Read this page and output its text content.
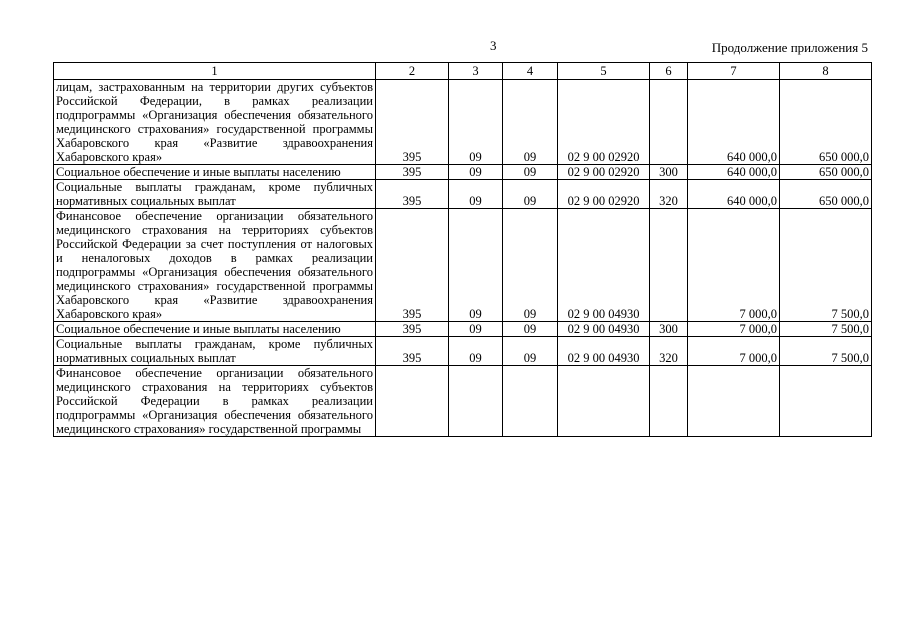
3	Продолжение приложения 5
1	2	3	4	5	6	7	8
лицам, застрахованным на территории других субъектов Российской Федерации, в рамках реализации подпрограммы «Организация обеспечения обязательного медицинского страхования» государственной программы Хабаровского края «Развитие здравоохранения Хабаровского края»	395	09	09	02 9 00 02920		640 000,0	650 000,0
Социальное обеспечение и иные выплаты населению	395	09	09	02 9 00 02920	300	640 000,0	650 000,0
Социальные выплаты гражданам, кроме публичных нормативных социальных выплат	395	09	09	02 9 00 02920	320	640 000,0	650 000,0
Финансовое обеспечение организации обязательного медицинского страхования на территориях субъектов Российской Федерации за счет поступления от налоговых и неналоговых доходов в рамках реализации подпрограммы «Организация обеспечения обязательного медицинского страхования» государственной программы Хабаровского края «Развитие здравоохранения Хабаровского края»	395	09	09	02 9 00 04930		7 000,0	7 500,0
Социальное обеспечение и иные выплаты населению	395	09	09	02 9 00 04930	300	7 000,0	7 500,0
Социальные выплаты гражданам, кроме публичных нормативных социальных выплат	395	09	09	02 9 00 04930	320	7 000,0	7 500,0
Финансовое обеспечение организации обязательного медицинского страхования на территориях субъектов Российской Федерации в рамках реализации подпрограммы «Организация обеспечения обязательного медицинского страхования» государственной программы							
